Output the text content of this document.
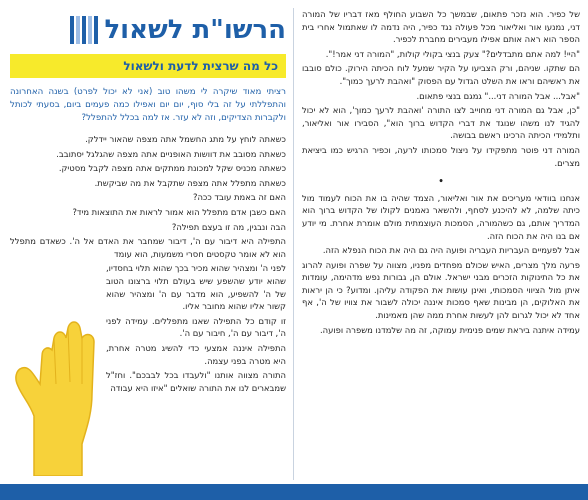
של כפיר. הוא נזכר פתאום, שבמשך כל השבוע החולף מאז דבריו של המורה דני, נמנעו אור ואליאור מכל פעולה נגד כפיר, היה נדמה לו שאתמול אחרי בית הספר הוא ראה אותם אפילו מעבירים מחברת לכפיר.

"היי! למה אתם מתבדלים?" צעק בנצי בקולי קולות, "המורה דני אמר!".

הם שתקו. שניהם, ורק הצביעו על הקיר שמעל לוח הכיתה הירוק. כולם סובבו את ראשיהם וראו את השלט הגדול עם הפסוק "ואהבת לרעך כמוך".

"אבל... אבל המורה דני..." גמגם בנצי פתאום.

"כן, אבל גם המורה דני מחוייב לצו התורה 'ואהבת לרעך כמוך', הוא לא יכול להגיד לנו משהו שנוגד את דברי הקדוש ברוך הוא", הסבירו אור ואליאור, ותלמידי הכיתה הרכינו ראשם בבושה.

המורה דני פוטר מתפקידו על ניצול סמכותו לרעה, וכפיר הרגיש כמו ביציאת מצרים.

•

אנחנו בוודאי מעריכים את אור ואליאור, הצמד שהיה בו את הכוח לעמוד מול כיתה שלמה, לא להיכנע לסחף, ולהשאר נאמנים לקולו של הקדוש ברוך הוא המדריך אותם, גם כשהמורה, הסמכות העוצמתית מולם אומרת אחרת. מי יודע אם בנו היה את הכוח הזה.

אבל לפעמיים העבריות העבריה ופועה היה גם היה את הכוח הנפלא הזה.

פרעה מלך מצרים, האיש שכולם מפחדים מפניו, מצווה על שפרה ופועה להרוג את כל התינוקות הזכרים מבני ישראל. אולם הן, גבורות נפש מדהימה, עומדות איתן מול הציווי הסמכותי, ואינן עושות את הפקודה עליהן. ומדוע? כי הן יראות את האלוקים, הן מבינות שאף סמכות איננה יכולה לשבור את צוויו של ה', אף אחד לא יכול לגרום להן לעשות אחרת ממה שהן מאמינות.

עמידה איתנה ביראת שמים פנימית עמוקה, זה מה שלמדנו משפרה ופועה.

הרשו"ת לשאול
כל מה שרצית לדעת ולשאול
רציתי מאוד שיקרה לי משהו טוב (אני לא יכול לפרט) בשנה האחרונה והתפללתי על זה בלי סוף, יום יום ואפילו כמה פעמים ביום, בסעתי לכותל ולקברות הצדיקים, וזה לא עזר. אז למה בכלל להתפלל?

כשאתה לוחץ על מתג החשמל אתה מצפה שהאור יידלק.

כשאתה מסובב את דוושות האופניים אתה מצפה שהגלגל יסתובב.

כשאתה מכניס שקל למכונת ממתקים אתה מצפה לקבל מסטיק.

כשאתה מתפלל אתה מצפה שתקבל את מה שביקשת.

האם זה באמת עובד ככה?

האם כשבן אדם מתפלל הוא אמור לראות את התוצאות מיד?

הבה ונבגין, מה זו בעצם תפילה?

התפילה היא דיבור עם ה', דיבור שמחבר את האדם אל ה'. כשאדם מתפלל הוא לא אומר טקסטים חסרי משמעות, הוא עומד

לפני ה' ומצהיר שהוא מכיר בכך שהוא תלוי בחסדיו, שהוא יודע שהשפע שיש בעולם תלוי ברצונו הטוב של ה' להשפיע, הוא מדבר עם ה' ומצהיר שהוא קשור אליו שהוא מחובר אליו.

זו קודם כל התפילה שאנו מתפללים. עמידה לפני ה', דיבור עם ה', חיבור עם ה'.

התפילה איננה אמצעי כדי להשיג מטרה אחרת, היא מטרה בפני עצמה.

התורה מצווה אותנו "ולעבדו בכל לבבכם". וחז"ל שמבארים לנו את התורה שואלים "איזו היא עבודה
